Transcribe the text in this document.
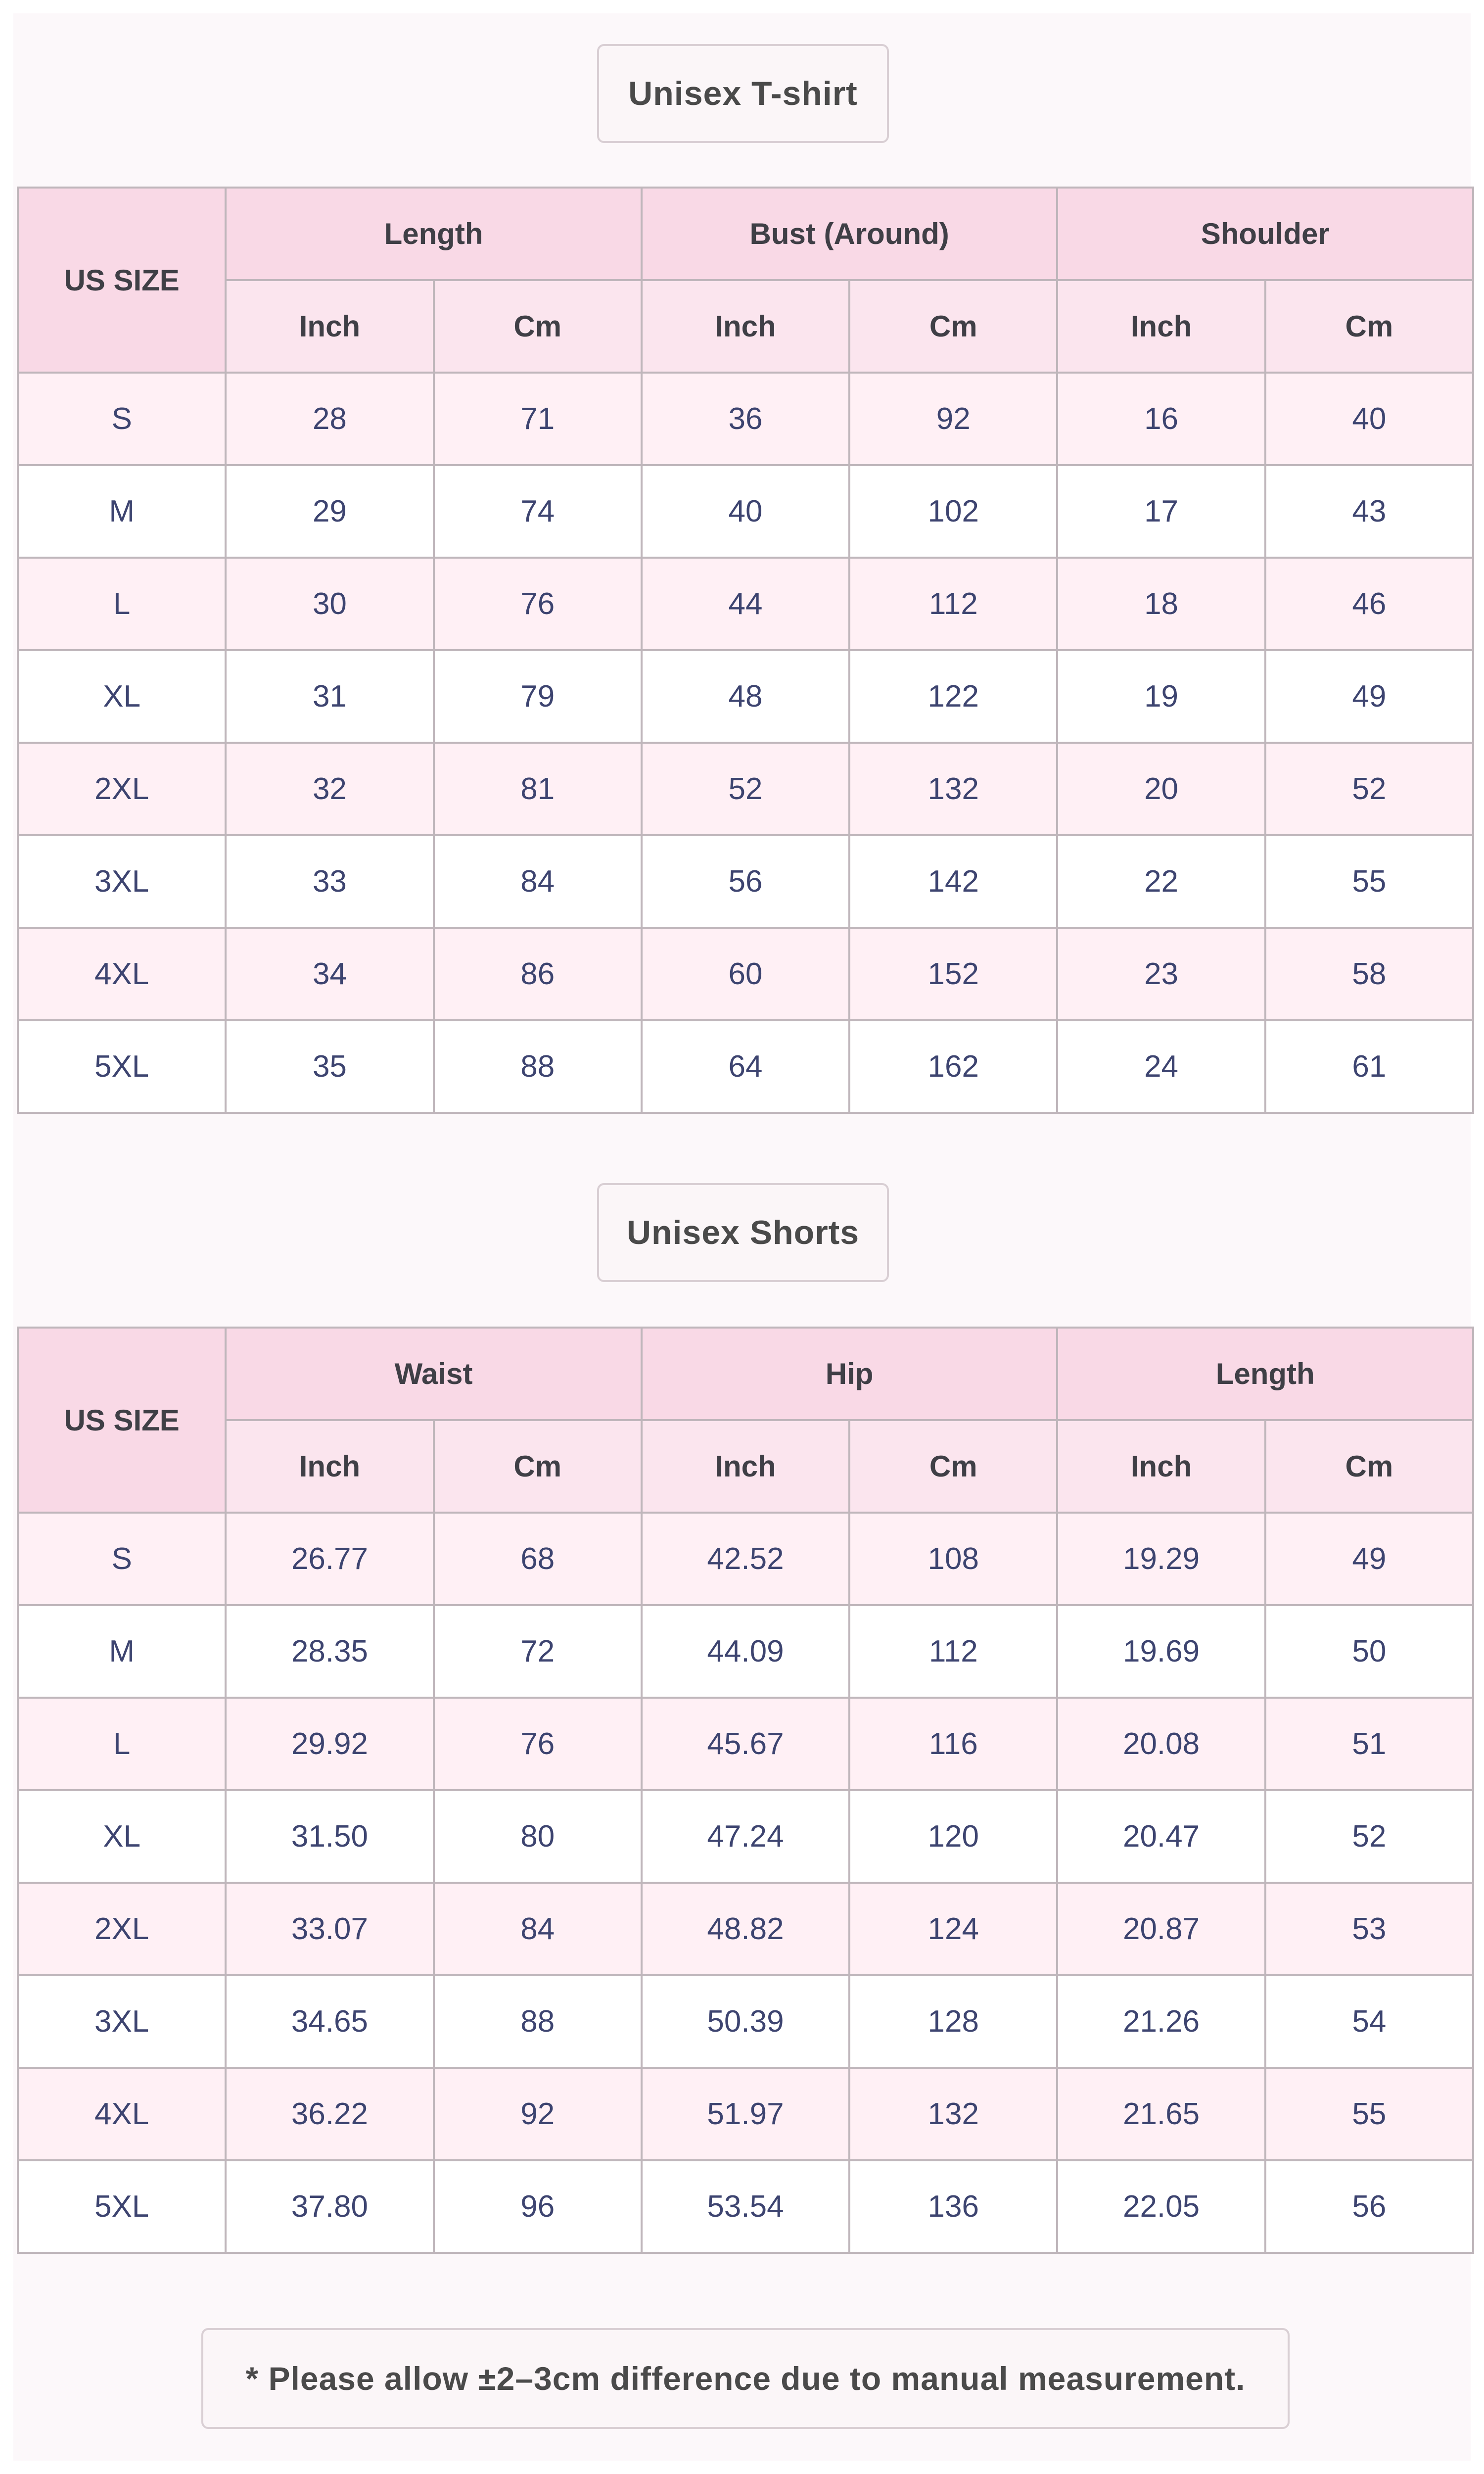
Unisex T-shirt
US SIZE	Length		Bust (Around)		Shoulder	
	Inch	Cm	Inch	Cm	Inch	Cm
S	28	71	36	92	16	40
M	29	74	40	102	17	43
L	30	76	44	112	18	46
XL	31	79	48	122	19	49
2XL	32	81	52	132	20	52
3XL	33	84	56	142	22	55
4XL	34	86	60	152	23	58
5XL	35	88	64	162	24	61
Unisex Shorts
US SIZE	Waist		Hip		Length	
	Inch	Cm	Inch	Cm	Inch	Cm
S	26.77	68	42.52	108	19.29	49
M	28.35	72	44.09	112	19.69	50
L	29.92	76	45.67	116	20.08	51
XL	31.50	80	47.24	120	20.47	52
2XL	33.07	84	48.82	124	20.87	53
3XL	34.65	88	50.39	128	21.26	54
4XL	36.22	92	51.97	132	21.65	55
5XL	37.80	96	53.54	136	22.05	56
* Please allow ±2–3cm difference due to manual measurement.
